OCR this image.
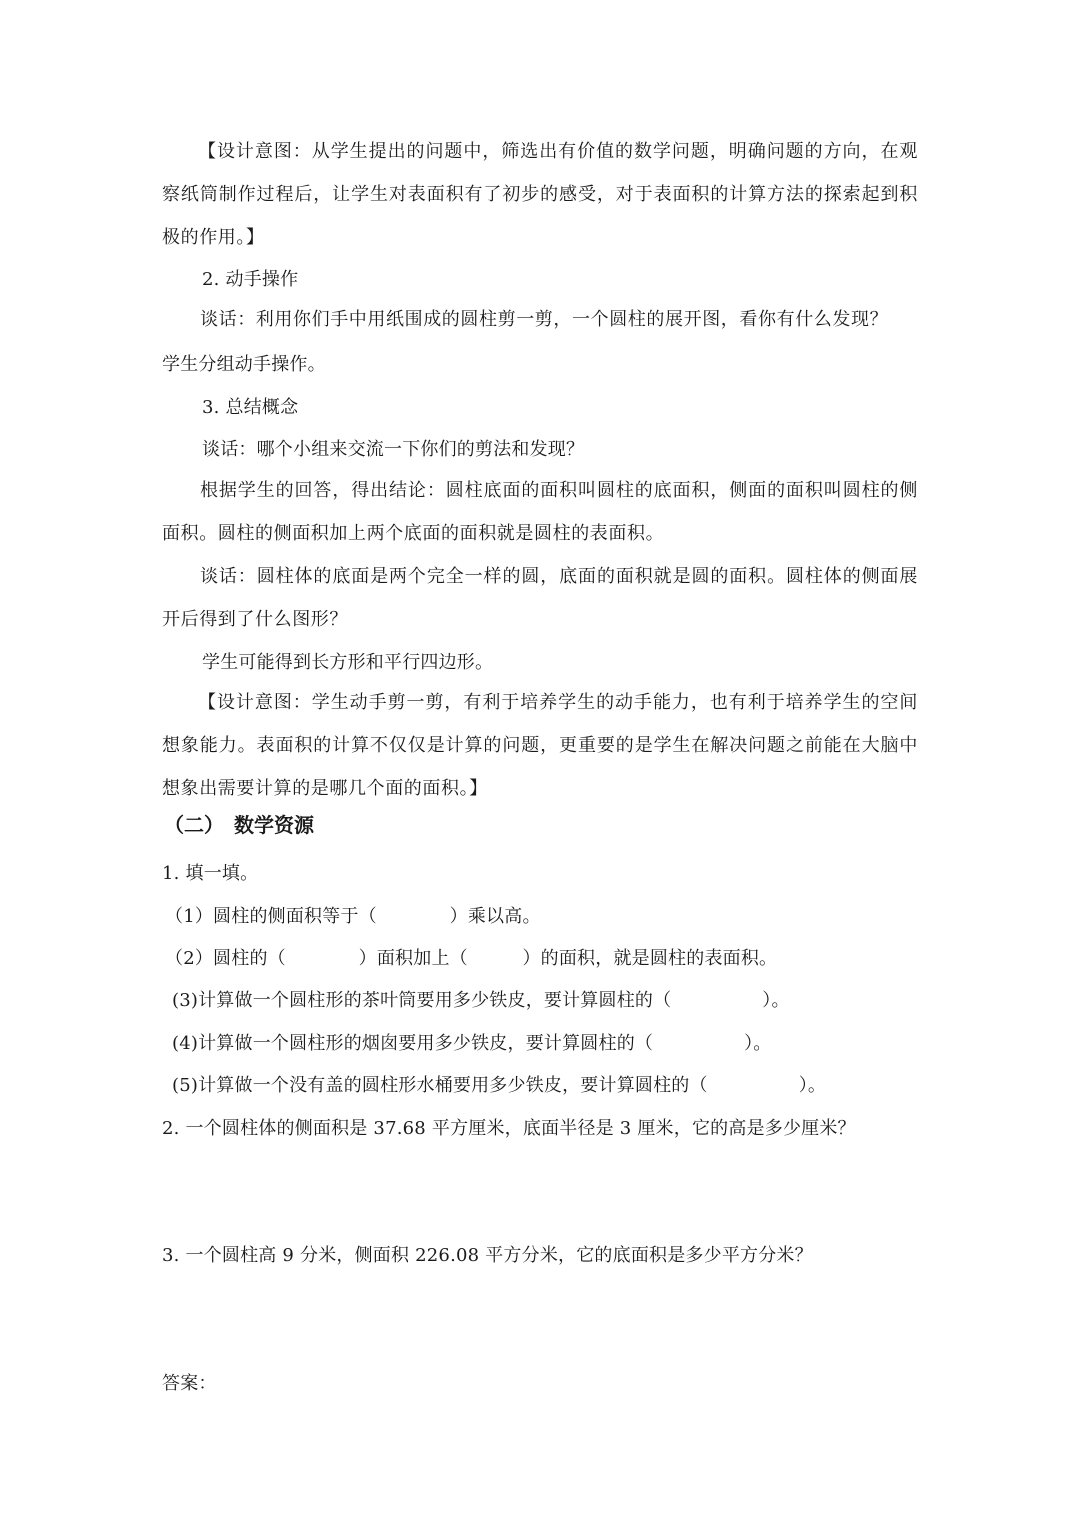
【设计意图：从学生提出的问题中，筛选出有价值的数学问题，明确问题的方向，在观察纸筒制作过程后，让学生对表面积有了初步的感受，对于表面积的计算方法的探索起到积极的作用。】
2. 动手操作
谈话：利用你们手中用纸围成的圆柱剪一剪，一个圆柱的展开图，看你有什么发现？
学生分组动手操作。
3. 总结概念
谈话：哪个小组来交流一下你们的剪法和发现？
根据学生的回答，得出结论：圆柱底面的面积叫圆柱的底面积，侧面的面积叫圆柱的侧面积。圆柱的侧面积加上两个底面的面积就是圆柱的表面积。
谈话：圆柱体的底面是两个完全一样的圆，底面的面积就是圆的面积。圆柱体的侧面展开后得到了什么图形？
学生可能得到长方形和平行四边形。
【设计意图：学生动手剪一剪，有利于培养学生的动手能力，也有利于培养学生的空间想象能力。表面积的计算不仅仅是计算的问题，更重要的是学生在解决问题之前能在大脑中想象出需要计算的是哪几个面的面积。】
（二）　数学资源
1. 填一填。
（1）圆柱的侧面积等于（　　　　）乘以高。
（2）圆柱的（　　　　）面积加上（　　　）的面积，就是圆柱的表面积。
(3)计算做一个圆柱形的茶叶筒要用多少铁皮，要计算圆柱的（　　　　　）。
(4)计算做一个圆柱形的烟囱要用多少铁皮，要计算圆柱的（　　　　　）。
(5)计算做一个没有盖的圆柱形水桶要用多少铁皮，要计算圆柱的（　　　　　）。
2. 一个圆柱体的侧面积是 37.68 平方厘米，底面半径是 3 厘米，它的高是多少厘米？
3. 一个圆柱高 9 分米，侧面积 226.08 平方分米，它的底面积是多少平方分米？
答案：
